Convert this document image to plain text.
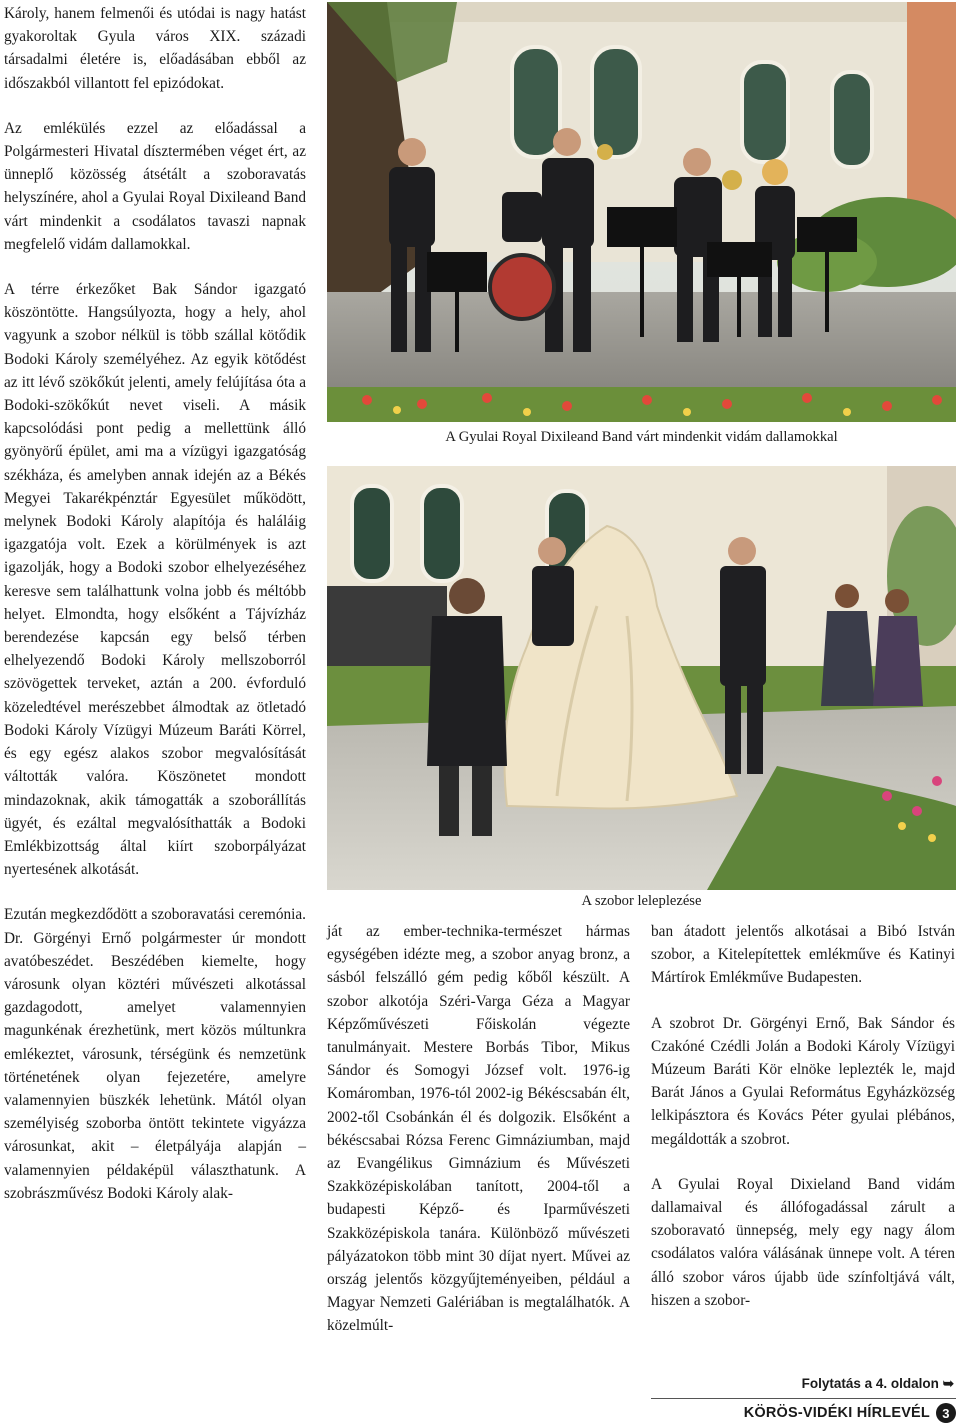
Károly, hanem felmenői és utódai is nagy hatást gyakoroltak Gyula város XIX. századi társadalmi életére is, előadásában ebből az időszakból villantott fel epizódokat.

Az emlékülés ezzel az előadással a Polgármesteri Hivatal dísztermében véget ért, az ünneplő közösség átsétált a szoboravatás helyszínére, ahol a Gyulai Royal Dixileand Band várt mindenkit a csodálatos tavaszi napnak megfelelő vidám dallamokkal.

A térre érkezőket Bak Sándor igazgató köszöntötte. Hangsúlyozta, hogy a hely, ahol vagyunk a szobor nélkül is több szállal kötődik Bodoki Károly személyéhez. Az egyik kötődést az itt lévő szökőkút jelenti, amely felújítása óta a Bodoki-szökőkút nevet viseli. A másik kapcsolódási pont pedig a mellettünk álló gyönyörű épület, ami ma a vízügyi igazgatóság székháza, és amelyben annak idején az a Békés Megyei Takarékpénztár Egyesület működött, melynek Bodoki Károly alapítója és haláláig igazgatója volt. Ezek a körülmények is azt igazolják, hogy a Bodoki szobor elhelyezéséhez keresve sem találhattunk volna jobb és méltóbb helyet. Elmondta, hogy elsőként a Tájvízház berendezése kapcsán egy belső térben elhelyezendő Bodoki Károly mellszoborról szövögettek terveket, aztán a 200. évforduló közeledtével merészebbet álmodtak az ötletadó Bodoki Károly Vízügyi Múzeum Baráti Körrel, és egy egész alakos szobor megvalósítását váltották valóra. Köszönetet mondott mindazoknak, akik támogatták a szoborállítás ügyét, és ezáltal megvalósíthatták a Bodoki Emlékbizottság által kiírt szoborpályázat nyertesének alkotását.

Ezután megkezdődött a szoboravatási ceremónia. Dr. Görgényi Ernő polgármester úr mondott avatóbeszédet. Beszédében kiemelte, hogy városunk olyan köztéri művészeti alkotással gazdagodott, amelyet valamennyien magunkénak érezhetünk, mert közös múltunkra emlékeztet, városunk, térségünk és nemzetünk történetének olyan fejezetére, amelyre valamennyien büszkék lehetünk. Mától olyan személyiség szoborba öntött tekintete vigyázza városunkat, akit – életpályája alapján – valamennyien példaképül választhatunk. A szobrászművész Bodoki Károly alak-

A Gyulai Royal Dixileand Band várt mindenkit vidám dallamokkal
A szobor leleplezése

ját az ember-technika-természet hármas egységében idézte meg, a szobor anyag bronz, a sásból felszálló gém pedig kőből készült. A szobor alkotója Széri-Varga Géza a Magyar Képzőművészeti Főiskolán végezte tanulmányait. Mestere Borbás Tibor, Mikus Sándor és Somogyi József volt. 1976-ig Komáromban, 1976-tól 2002-ig Békéscsabán élt, 2002-től Csobánkán él és dolgozik. Elsőként a békéscsabai Rózsa Ferenc Gimnáziumban, majd az Evangélikus Gimnázium és Művészeti Szakközépiskolában tanított, 2004-től a budapesti Képző- és Iparművészeti Szakközépiskola tanára. Különböző művészeti pályázatokon több mint 30 díjat nyert. Művei az ország jelentős közgyűjteményeiben, például a Magyar Nemzeti Galériában is megtalálhatók. A közelmúlt-

ban átadott jelentős alkotásai a Bibó István szobor, a Kitelepítettek emlékműve és Katinyi Mártírok Emlékműve Budapesten.

A szobrot Dr. Görgényi Ernő, Bak Sándor és Czakóné Czédli Jolán a Bodoki Károly Vízügyi Múzeum Baráti Kör elnöke leplezték le, majd Barát János a Gyulai Református Egyházközség lelkipásztora és Kovács Péter gyulai plébános, megáldották a szobrot.

A Gyulai Royal Dixieland Band vidám dallamaival és állófogadással zárult a szoboravató ünnepség, mely egy nagy álom csodálatos valóra válásának ünnepe volt. A téren álló szobor város újabb üde színfoltjává vált, hiszen a szobor-

Folytatás a 4. oldalon ➥
KÖRÖS-VIDÉKI HÍRLEVÉL 3
